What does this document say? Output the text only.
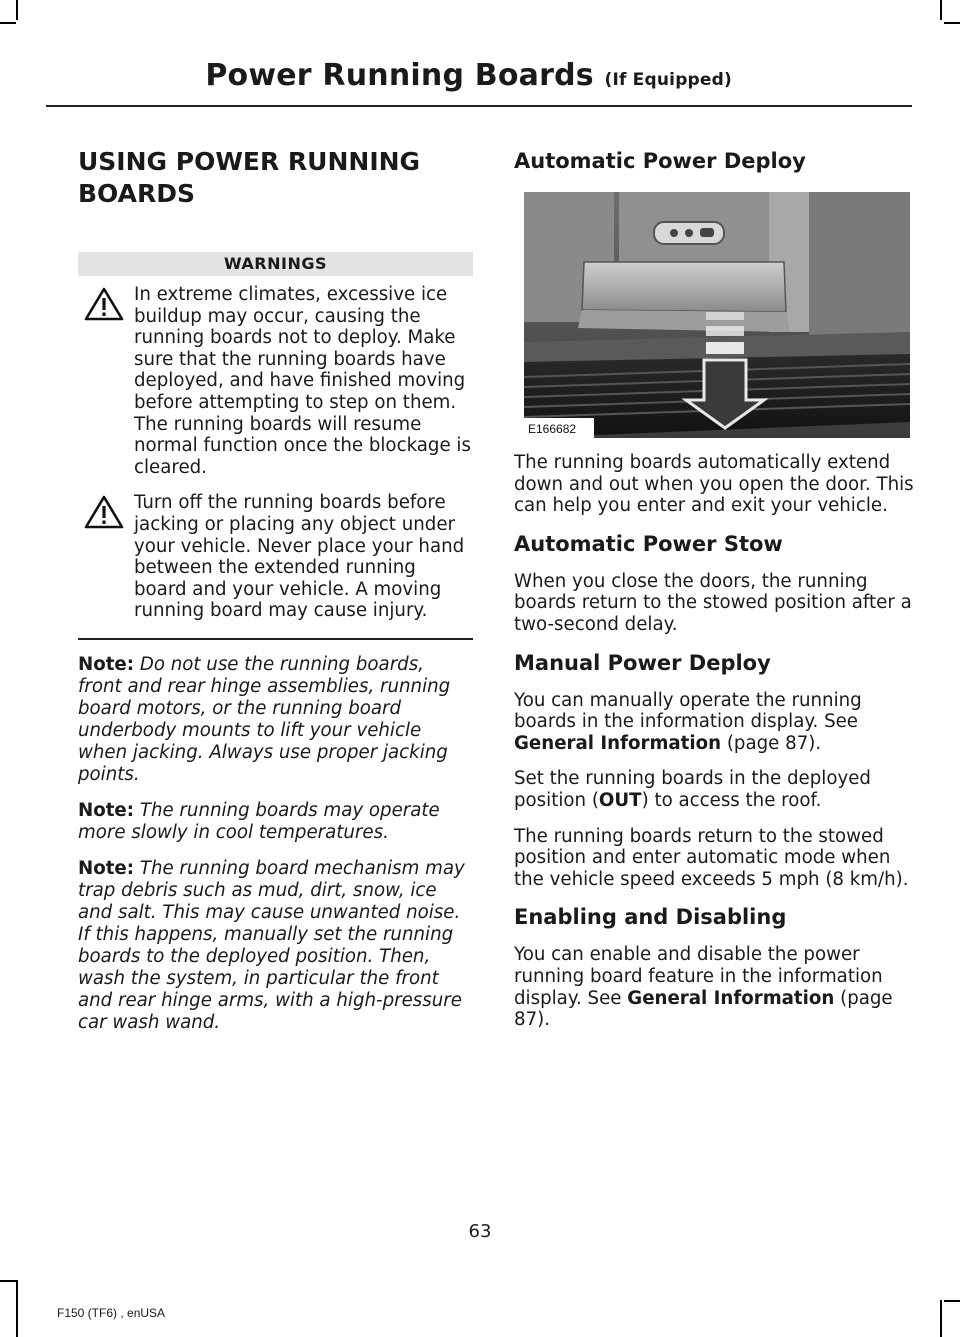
Power Running Boards (If Equipped)
USING POWER RUNNING
BOARDS
WARNINGS
In extreme climates, excessive ice buildup may occur, causing the running boards not to deploy. Make sure that the running boards have deployed, and have finished moving before attempting to step on them. The running boards will resume normal function once the blockage is cleared.
Turn off the running boards before jacking or placing any object under your vehicle. Never place your hand between the extended running board and your vehicle. A moving running board may cause injury.
Note: Do not use the running boards, front and rear hinge assemblies, running board motors, or the running board underbody mounts to lift your vehicle when jacking. Always use proper jacking points.
Note: The running boards may operate more slowly in cool temperatures.
Note: The running board mechanism may trap debris such as mud, dirt, snow, ice and salt. This may cause unwanted noise. If this happens, manually set the running boards to the deployed position. Then, wash the system, in particular the front and rear hinge arms, with a high-pressure car wash wand.
Automatic Power Deploy
E166682
The running boards automatically extend down and out when you open the door. This can help you enter and exit your vehicle.
Automatic Power Stow
When you close the doors, the running boards return to the stowed position after a two-second delay.
Manual Power Deploy
You can manually operate the running boards in the information display. See General Information (page 87).
Set the running boards in the deployed position (OUT) to access the roof.
The running boards return to the stowed position and enter automatic mode when the vehicle speed exceeds 5 mph (8 km/h).
Enabling and Disabling
You can enable and disable the power running board feature in the information display. See General Information (page 87).
63
F150 (TF6) , enUSA
